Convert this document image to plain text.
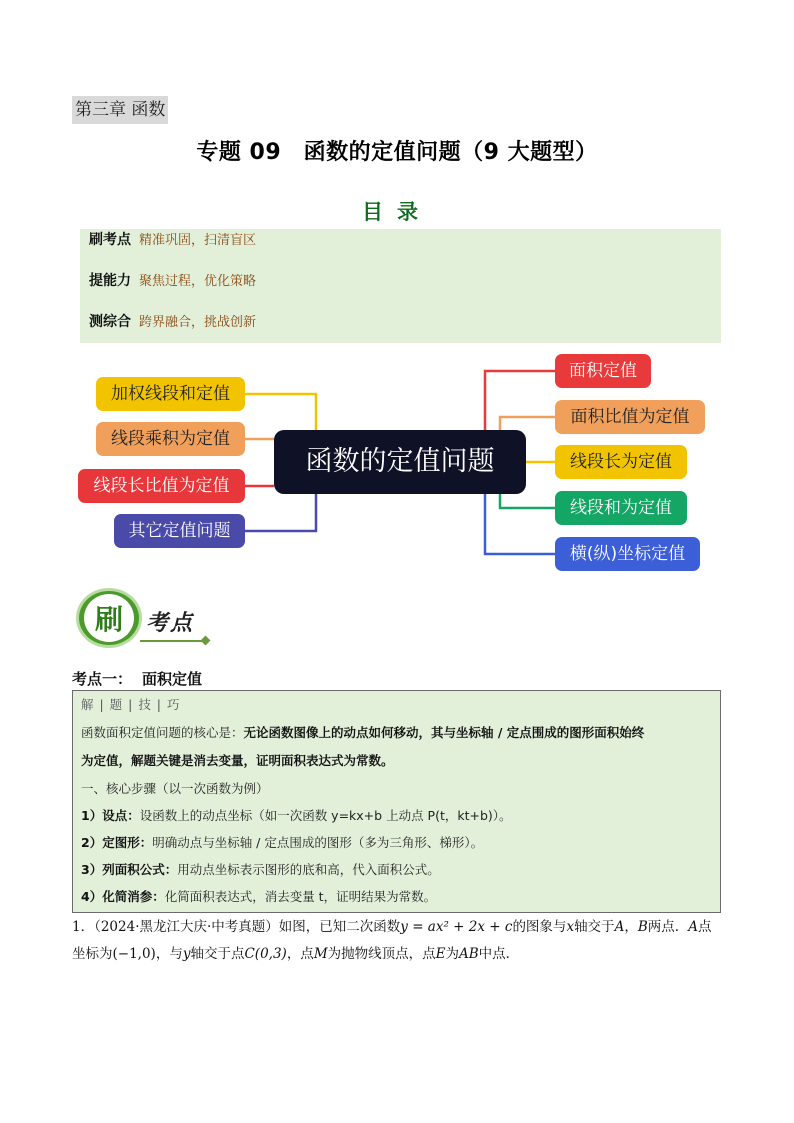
第三章 函数
专题 09　函数的定值问题（9 大题型）
目录
刷考点 精准巩固，扫清盲区
提能力 聚焦过程，优化策略
测综合 跨界融合，挑战创新
函数的定值问题
加权线段和定值
线段乘积为定值
线段长比值为定值
其它定值问题
面积定值
面积比值为定值
线段长为定值
线段和为定值
横(纵)坐标定值
刷	考点
考点一： 面积定值
解 | 题 | 技 | 巧
函数面积定值问题的核心是：无论函数图像上的动点如何移动，其与坐标轴 / 定点围成的图形面积始终
为定值，解题关键是消去变量，证明面积表达式为常数。
一、核心步骤（以一次函数为例）
1）设点：设函数上的动点坐标（如一次函数 y=kx+b 上动点 P(t，kt+b)）。
2）定图形：明确动点与坐标轴 / 定点围成的图形（多为三角形、梯形）。
3）列面积公式：用动点坐标表示图形的底和高，代入面积公式。
4）化简消参：化简面积表达式，消去变量 t，证明结果为常数。
1．（2024·黑龙江大庆·中考真题）如图，已知二次函数y = ax² + 2x + c的图象与x轴交于A，B两点．A点坐标为(−1,0)，与y轴交于点C(0,3)，点M为抛物线顶点，点E为AB中点．
